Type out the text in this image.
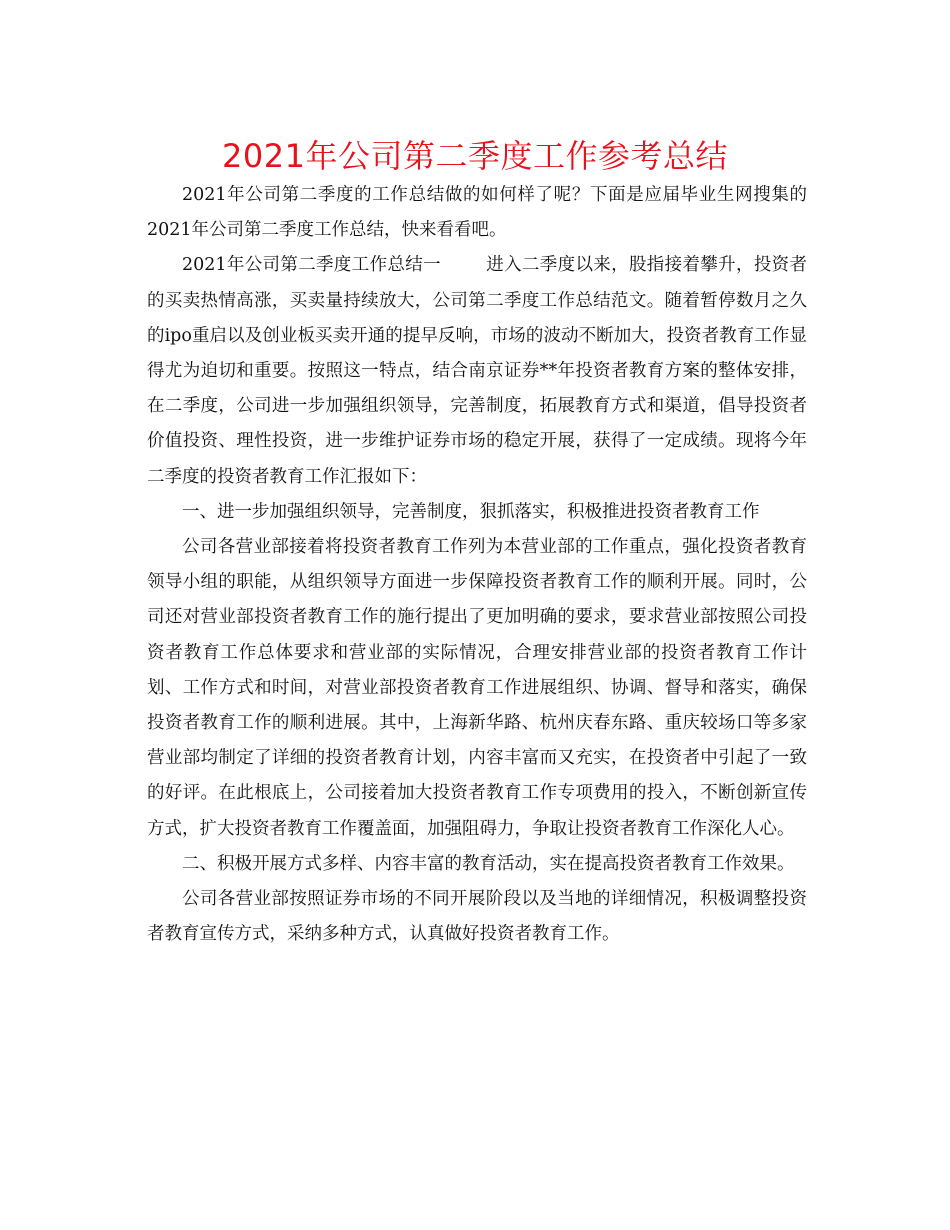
2021年公司第二季度工作参考总结

2021年公司第二季度的工作总结做的如何样了呢？下面是应届毕业生网搜集的2021年公司第二季度工作总结，快来看看吧。

2021年公司第二季度工作总结一	进入二季度以来，股指接着攀升，投资者的买卖热情高涨，买卖量持续放大，公司第二季度工作总结范文。随着暂停数月之久的ipo重启以及创业板买卖开通的提早反响，市场的波动不断加大，投资者教育工作显得尤为迫切和重要。按照这一特点，结合南京证券**年投资者教育方案的整体安排，在二季度，公司进一步加强组织领导，完善制度，拓展教育方式和渠道，倡导投资者价值投资、理性投资，进一步维护证券市场的稳定开展，获得了一定成绩。现将今年二季度的投资者教育工作汇报如下：

一、进一步加强组织领导，完善制度，狠抓落实，积极推进投资者教育工作

公司各营业部接着将投资者教育工作列为本营业部的工作重点，强化投资者教育领导小组的职能，从组织领导方面进一步保障投资者教育工作的顺利开展。同时，公司还对营业部投资者教育工作的施行提出了更加明确的要求，要求营业部按照公司投资者教育工作总体要求和营业部的实际情况，合理安排营业部的投资者教育工作计划、工作方式和时间，对营业部投资者教育工作进展组织、协调、督导和落实，确保投资者教育工作的顺利进展。其中，上海新华路、杭州庆春东路、重庆较场口等多家营业部均制定了详细的投资者教育计划，内容丰富而又充实，在投资者中引起了一致的好评。在此根底上，公司接着加大投资者教育工作专项费用的投入，不断创新宣传方式，扩大投资者教育工作覆盖面，加强阻碍力，争取让投资者教育工作深化人心。

二、积极开展方式多样、内容丰富的教育活动，实在提高投资者教育工作效果。

公司各营业部按照证券市场的不同开展阶段以及当地的详细情况，积极调整投资者教育宣传方式，采纳多种方式，认真做好投资者教育工作。
